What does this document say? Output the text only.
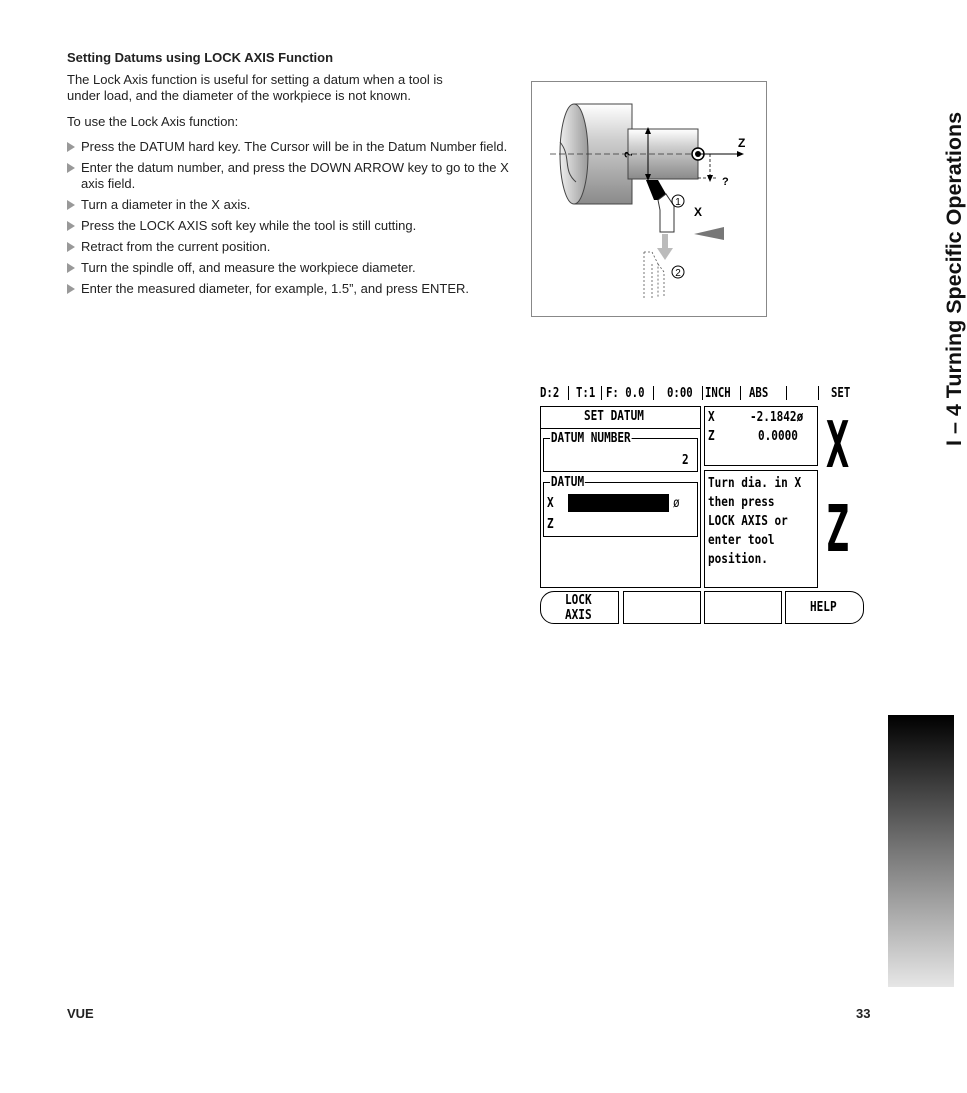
Setting Datums using LOCK AXIS Function
The Lock Axis function is useful for setting a datum when a tool is
under load, and the diameter of the workpiece is not known.
To use the Lock Axis function:
Press the DATUM hard key. The Cursor will be in the Datum Number field.
Enter the datum number, and press the DOWN ARROW key to go to the X axis field.
Turn a diameter in the X axis.
Press the LOCK AXIS soft key while the tool is still cutting.
Retract from the current position.
Turn the spindle off, and measure the workpiece diameter.
Enter the measured diameter, for example, 1.5”, and press ENTER.
1
2
Z
X
?
?
D:2 T:1 F: 0.0 0:00 INCH ABS	SET
SET DATUM
DATUM NUMBER
2
DATUM
X	ø
Z
X	-2.1842ø
Z	0.0000
Turn dia. in X
then press
LOCK AXIS or
enter tool
position.
X
Z
LOCK
AXIS
HELP
I – 4 Turning Specific Operations
VUE	33
